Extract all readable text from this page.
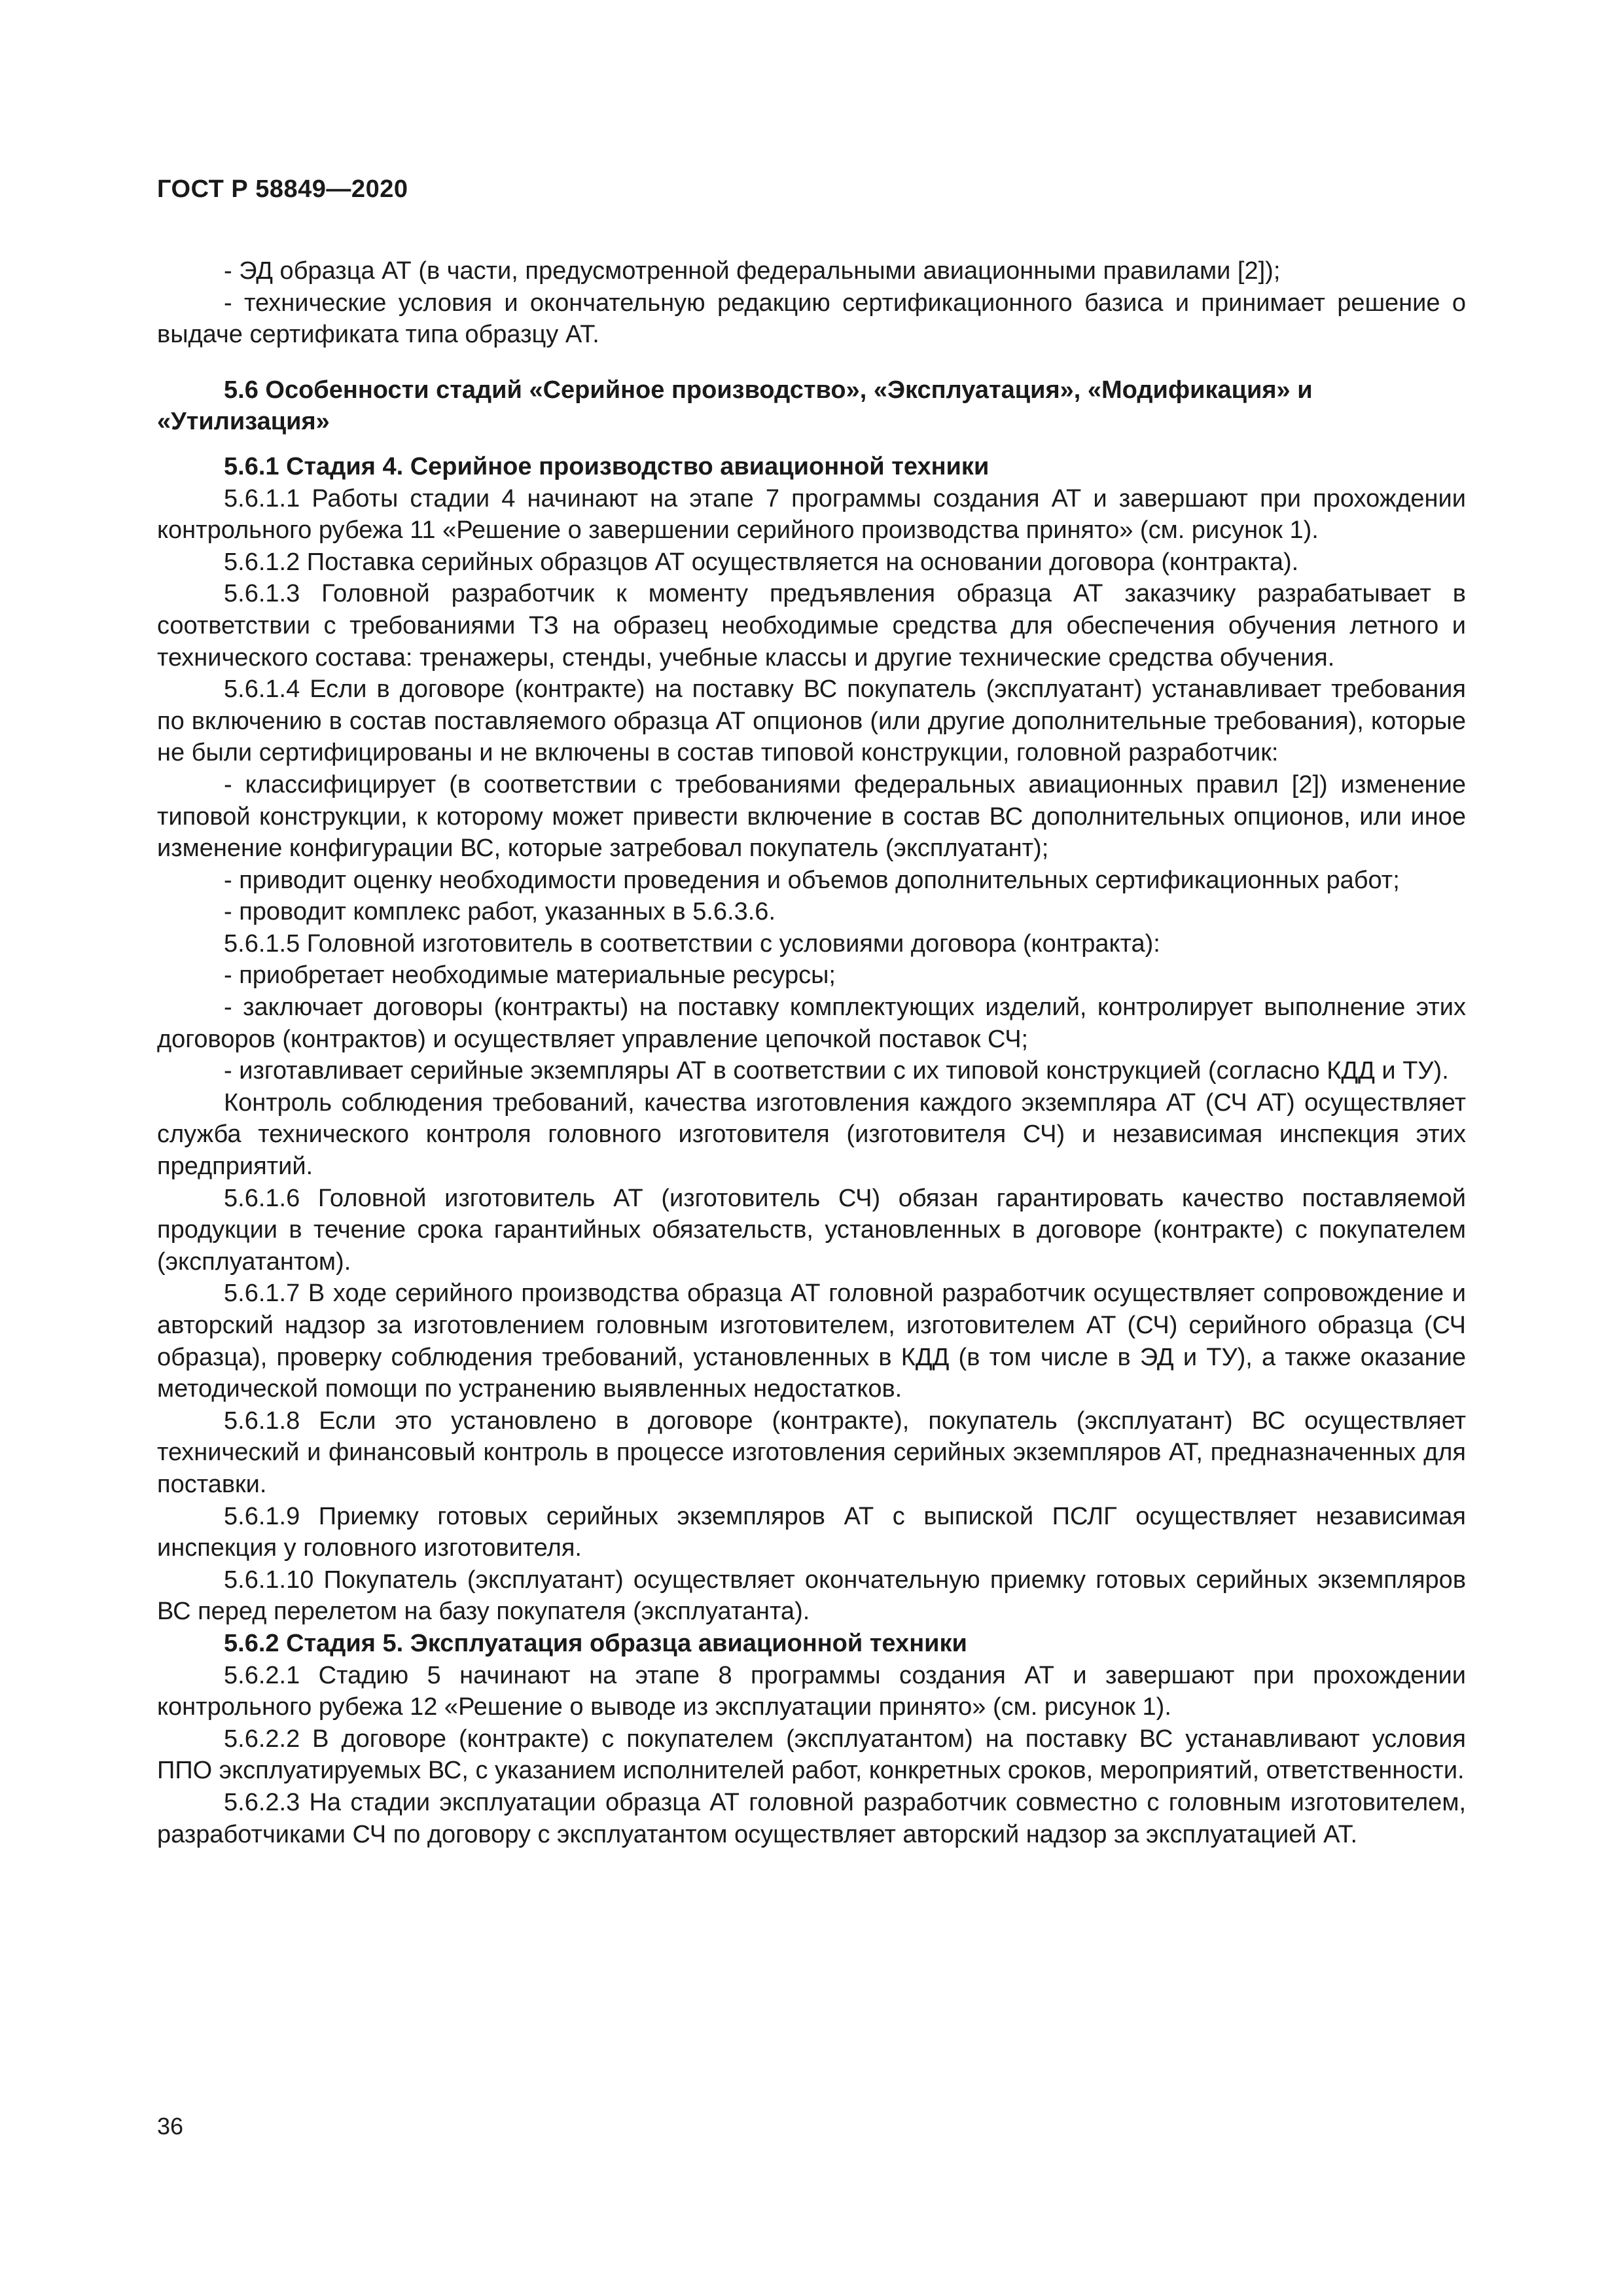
ГОСТ Р 58849—2020

- ЭД образца АТ (в части, предусмотренной федеральными авиационными правилами [2]);

- технические условия и окончательную редакцию сертификационного базиса и принимает решение о выдаче сертификата типа образцу АТ.

5.6 Особенности стадий «Серийное производство», «Эксплуатация», «Модификация» и «Утилизация»

5.6.1 Стадия 4. Серийное производство авиационной техники

5.6.1.1 Работы стадии 4 начинают на этапе 7 программы создания АТ и завершают при прохождении контрольного рубежа 11 «Решение о завершении серийного производства принято» (см. рисунок 1).

5.6.1.2 Поставка серийных образцов АТ осуществляется на основании договора (контракта).

5.6.1.3 Головной разработчик к моменту предъявления образца АТ заказчику разрабатывает в соответствии с требованиями ТЗ на образец необходимые средства для обеспечения обучения летного и технического состава: тренажеры, стенды, учебные классы и другие технические средства обучения.

5.6.1.4 Если в договоре (контракте) на поставку ВС покупатель (эксплуатант) устанавливает требования по включению в состав поставляемого образца АТ опционов (или другие дополнительные требования), которые не были сертифицированы и не включены в состав типовой конструкции, головной разработчик:

- классифицирует (в соответствии с требованиями федеральных авиационных правил [2]) изменение типовой конструкции, к которому может привести включение в состав ВС дополнительных опционов, или иное изменение конфигурации ВС, которые затребовал покупатель (эксплуатант);

- приводит оценку необходимости проведения и объемов дополнительных сертификационных работ;

- проводит комплекс работ, указанных в 5.6.3.6.

5.6.1.5 Головной изготовитель в соответствии с условиями договора (контракта):

- приобретает необходимые материальные ресурсы;

- заключает договоры (контракты) на поставку комплектующих изделий, контролирует выполнение этих договоров (контрактов) и осуществляет управление цепочкой поставок СЧ;

- изготавливает серийные экземпляры АТ в соответствии с их типовой конструкцией (согласно КДД и ТУ).

Контроль соблюдения требований, качества изготовления каждого экземпляра АТ (СЧ АТ) осуществляет служба технического контроля головного изготовителя (изготовителя СЧ) и независимая инспекция этих предприятий.

5.6.1.6 Головной изготовитель АТ (изготовитель СЧ) обязан гарантировать качество поставляемой продукции в течение срока гарантийных обязательств, установленных в договоре (контракте) с покупателем (эксплуатантом).

5.6.1.7 В ходе серийного производства образца АТ головной разработчик осуществляет сопровождение и авторский надзор за изготовлением головным изготовителем, изготовителем АТ (СЧ) серийного образца (СЧ образца), проверку соблюдения требований, установленных в КДД (в том числе в ЭД и ТУ), а также оказание методической помощи по устранению выявленных недостатков.

5.6.1.8 Если это установлено в договоре (контракте), покупатель (эксплуатант) ВС осуществляет технический и финансовый контроль в процессе изготовления серийных экземпляров АТ, предназначенных для поставки.

5.6.1.9 Приемку готовых серийных экземпляров АТ с выпиской ПСЛГ осуществляет независимая инспекция у головного изготовителя.

5.6.1.10 Покупатель (эксплуатант) осуществляет окончательную приемку готовых серийных экземпляров ВС перед перелетом на базу покупателя (эксплуатанта).

5.6.2 Стадия 5. Эксплуатация образца авиационной техники

5.6.2.1 Стадию 5 начинают на этапе 8 программы создания АТ и завершают при прохождении контрольного рубежа 12 «Решение о выводе из эксплуатации принято» (см. рисунок 1).

5.6.2.2 В договоре (контракте) с покупателем (эксплуатантом) на поставку ВС устанавливают условия ППО эксплуатируемых ВС, с указанием исполнителей работ, конкретных сроков, мероприятий, ответственности.

5.6.2.3 На стадии эксплуатации образца АТ головной разработчик совместно с головным изготовителем, разработчиками СЧ по договору с эксплуатантом осуществляет авторский надзор за эксплуатацией АТ.

36
